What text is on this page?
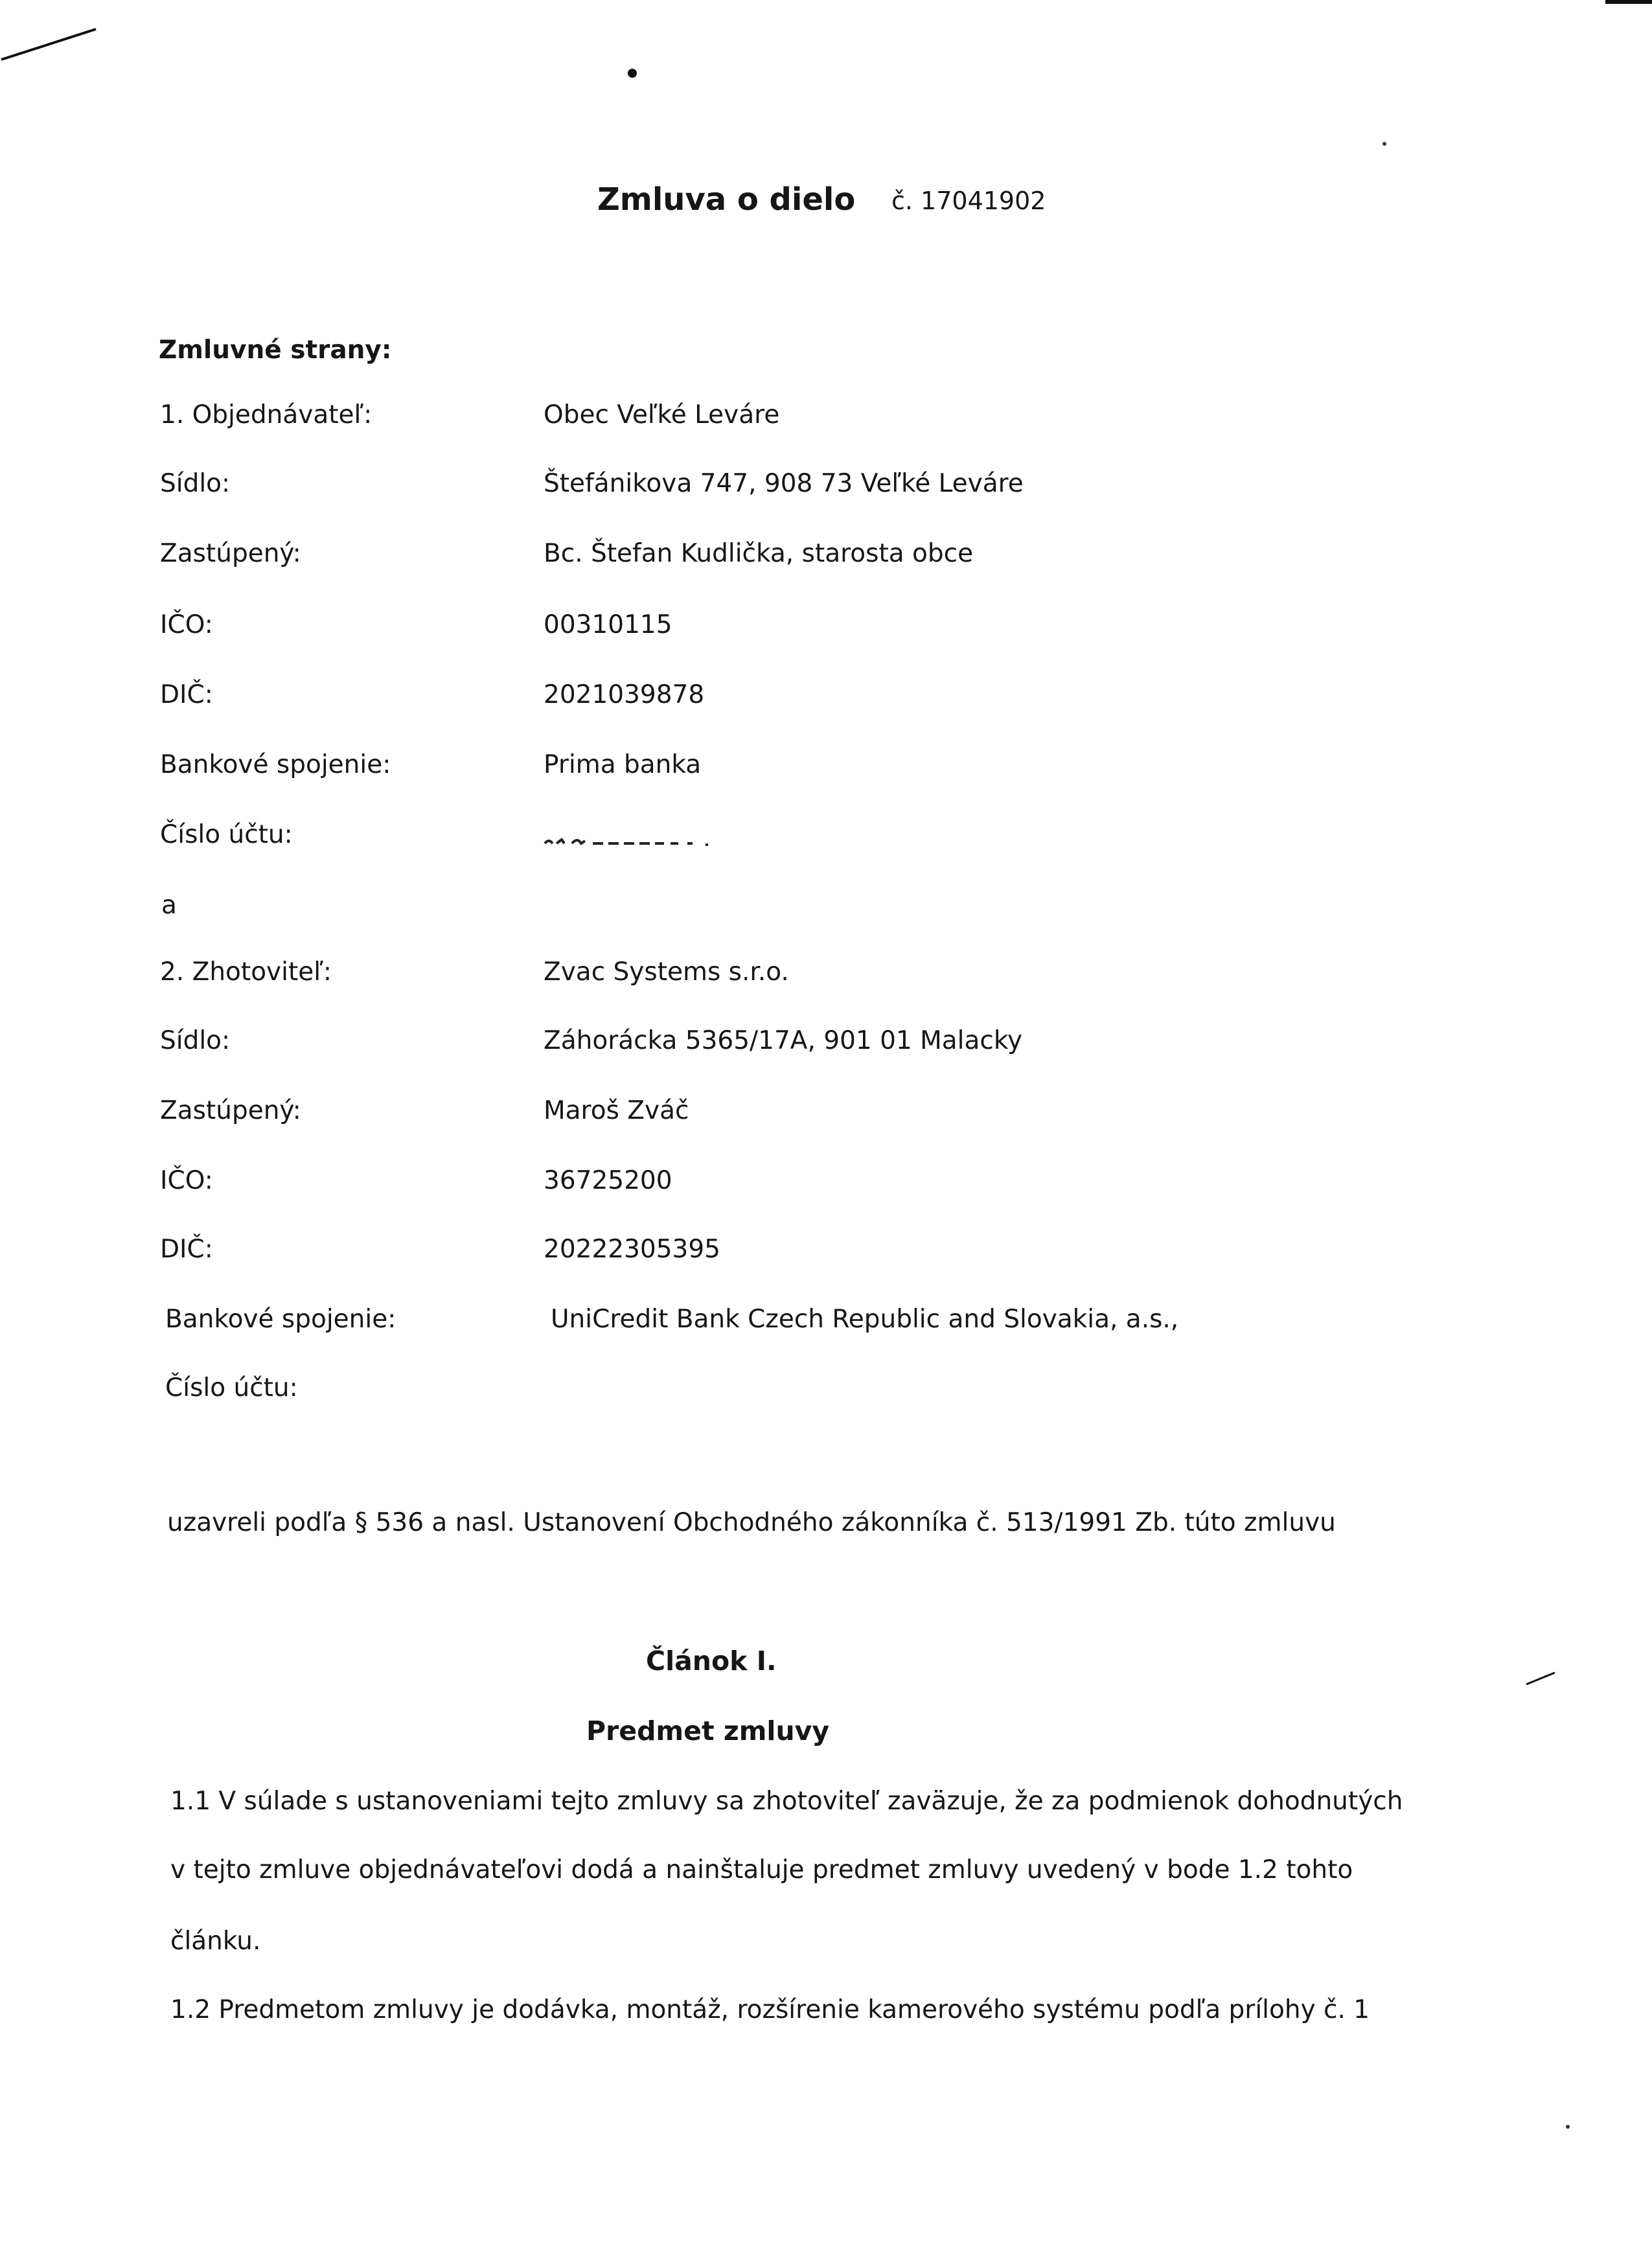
Zmluva o dielo č. 17041902
Zmluvné strany:
1. Objednávateľ:	Obec Veľké Leváre
Sídlo:	Štefánikova 747, 908 73 Veľké Leváre
Zastúpený:	Bc. Štefan Kudlička, starosta obce
IČO:	00310115
DIČ:	2021039878
Bankové spojenie:	Prima banka
Číslo účtu:
a
2. Zhotoviteľ:	Zvac Systems s.r.o.
Sídlo:	Záhorácka 5365/17A, 901 01 Malacky
Zastúpený:	Maroš Zváč
IČO:	36725200
DIČ:	20222305395
Bankové spojenie:	UniCredit Bank Czech Republic and Slovakia, a.s.,
Číslo účtu:
uzavreli podľa § 536 a nasl. Ustanovení Obchodného zákonníka č. 513/1991 Zb. túto zmluvu
Článok I.
Predmet zmluvy
1.1 V súlade s ustanoveniami tejto zmluvy sa zhotoviteľ zaväzuje, že za podmienok dohodnutých
v tejto zmluve objednávateľovi dodá a nainštaluje predmet zmluvy uvedený v bode 1.2 tohto
článku.
1.2 Predmetom zmluvy je dodávka, montáž, rozšírenie kamerového systému podľa prílohy č. 1
